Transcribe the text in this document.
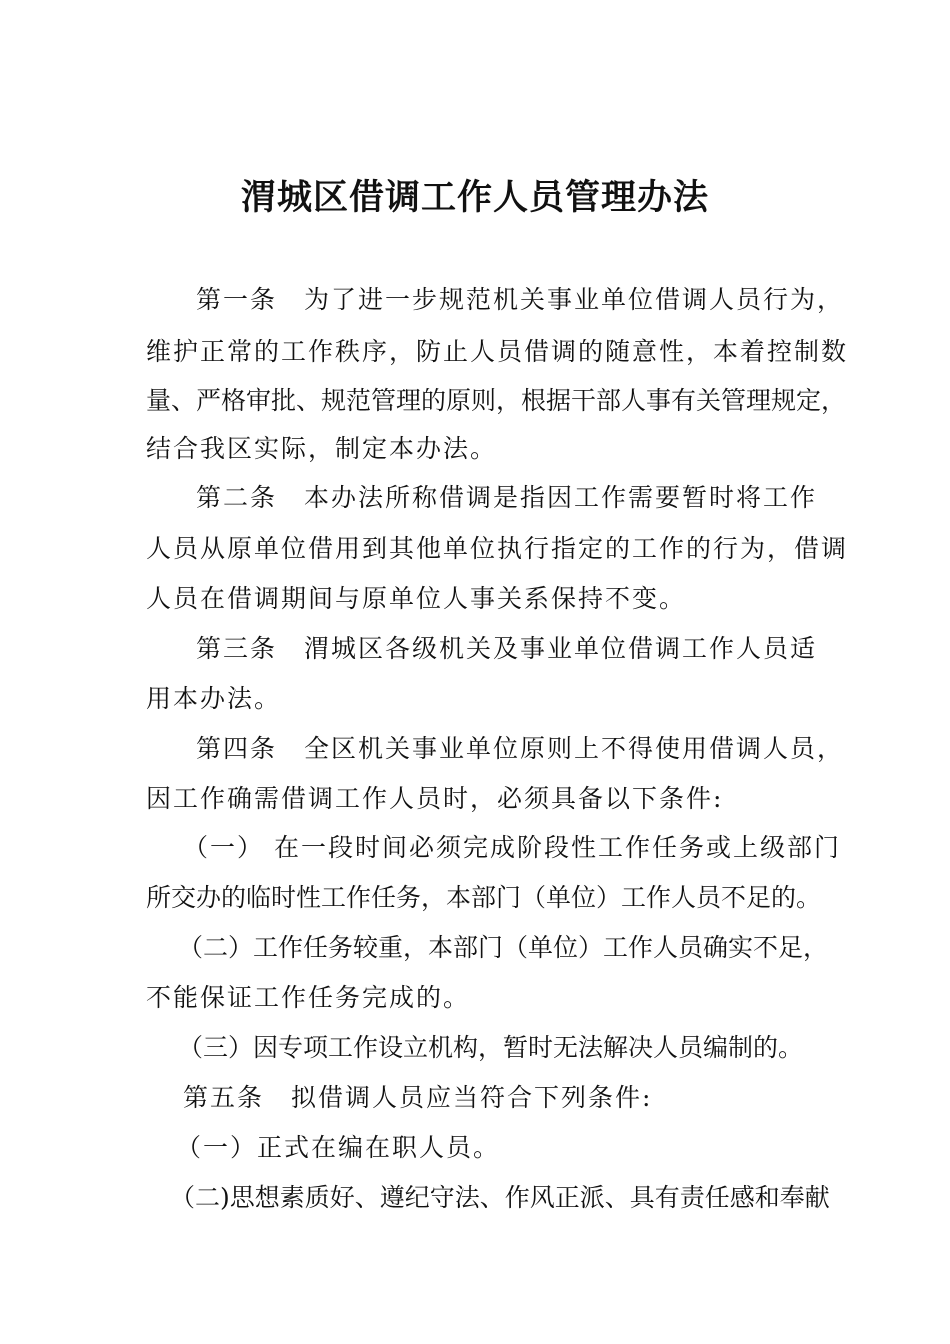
渭城区借调工作人员管理办法

第一条　为了进一步规范机关事业单位借调人员行为，

维护正常的工作秩序，防止人员借调的随意性，本着控制数

量、严格审批、规范管理的原则，根据干部人事有关管理规定，

结合我区实际，制定本办法。

第二条　本办法所称借调是指因工作需要暂时将工作

人员从原单位借用到其他单位执行指定的工作的行为，借调

人员在借调期间与原单位人事关系保持不变。

第三条　渭城区各级机关及事业单位借调工作人员适

用本办法。

第四条　全区机关事业单位原则上不得使用借调人员，

因工作确需借调工作人员时，必须具备以下条件:

（一） 在一段时间必须完成阶段性工作任务或上级部门

所交办的临时性工作任务，本部门（单位）工作人员不足的。

（二）工作任务较重，本部门（单位）工作人员确实不足，

不能保证工作任务完成的。

（三）因专项工作设立机构，暂时无法解决人员编制的。

第五条　拟借调人员应当符合下列条件:

（一）正式在编在职人员。

（二)思想素质好、遵纪守法、作风正派、具有责任感和奉献
